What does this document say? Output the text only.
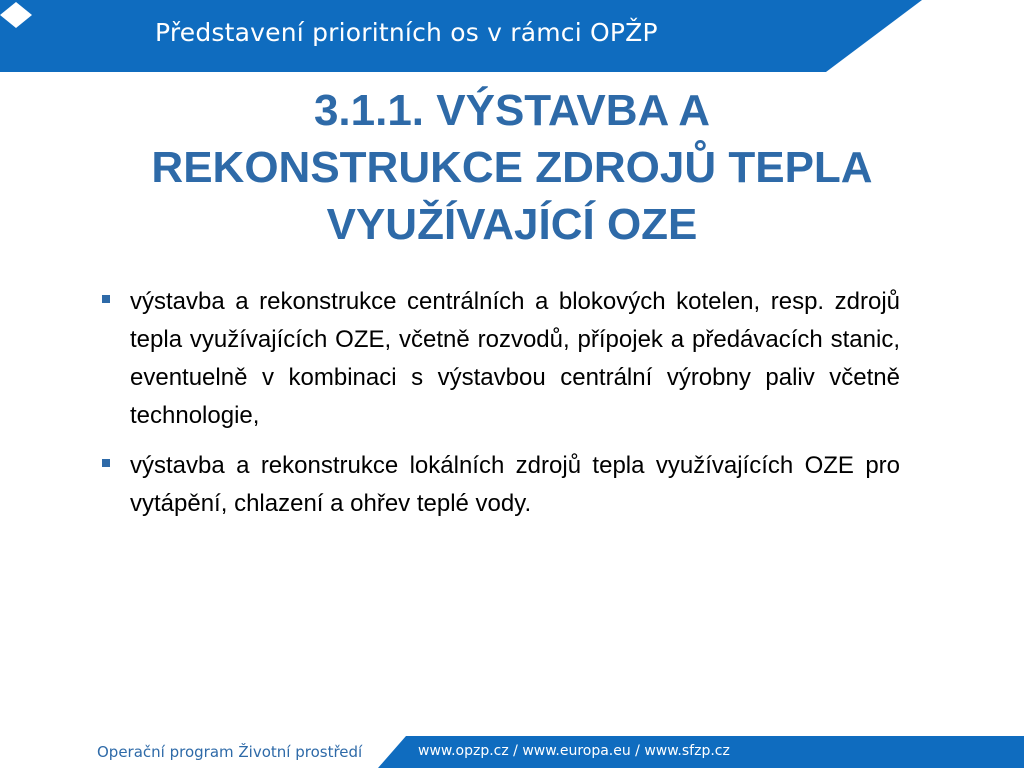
Představení prioritních os v rámci OPŽP
3.1.1. VÝSTAVBA A
REKONSTRUKCE ZDROJŮ TEPLA
VYUŽÍVAJÍCÍ OZE
výstavba a rekonstrukce centrálních a blokových kotelen, resp. zdrojů tepla využívajících OZE, včetně rozvodů, přípojek a předávacích stanic, eventuelně v kombinaci s výstavbou centrální výrobny paliv včetně technologie,
výstavba a rekonstrukce lokálních zdrojů tepla využívajících OZE pro vytápění, chlazení a ohřev teplé vody.
Operační program Životní prostředí	www.opzp.cz / www.europa.eu / www.sfzp.cz
